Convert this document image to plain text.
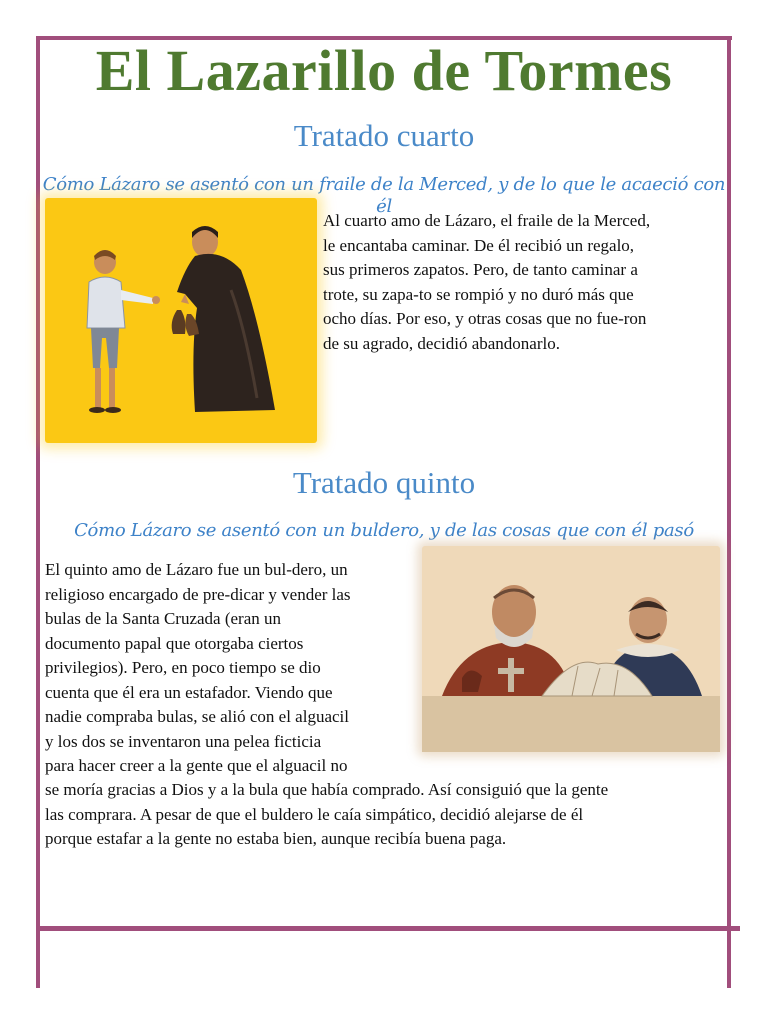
El Lazarillo de Tormes
Tratado cuarto
Cómo Lázaro se asentó con un fraile de la Merced, y de lo que le acaeció con él
Al cuarto amo de Lázaro, el fraile de la Merced,
le encantaba caminar. De él recibió un regalo,
sus primeros zapatos. Pero, de tanto caminar a
trote, su zapa-to se rompió y no duró más que
ocho días. Por eso, y otras cosas que no fue-ron
de su agrado, decidió abandonarlo.
Tratado quinto
Cómo Lázaro se asentó con un buldero, y de las cosas que con él pasó
El quinto amo de Lázaro fue un bul-dero, un
religioso encargado de pre-dicar y vender las
bulas de la Santa Cruzada (eran un
documento papal que otorgaba ciertos
privilegios). Pero, en poco tiempo se dio
cuenta que él era un estafador. Viendo que
nadie compraba bulas, se alió con el alguacil
y los dos se inventaron una pelea ficticia
para hacer creer a la gente que el alguacil no
se moría gracias a Dios y a la bula que había comprado. Así consiguió que la gente
las comprara. A pesar de que el buldero le caía simpático, decidió alejarse de él
porque estafar a la gente no estaba bien, aunque recibía buena paga.
